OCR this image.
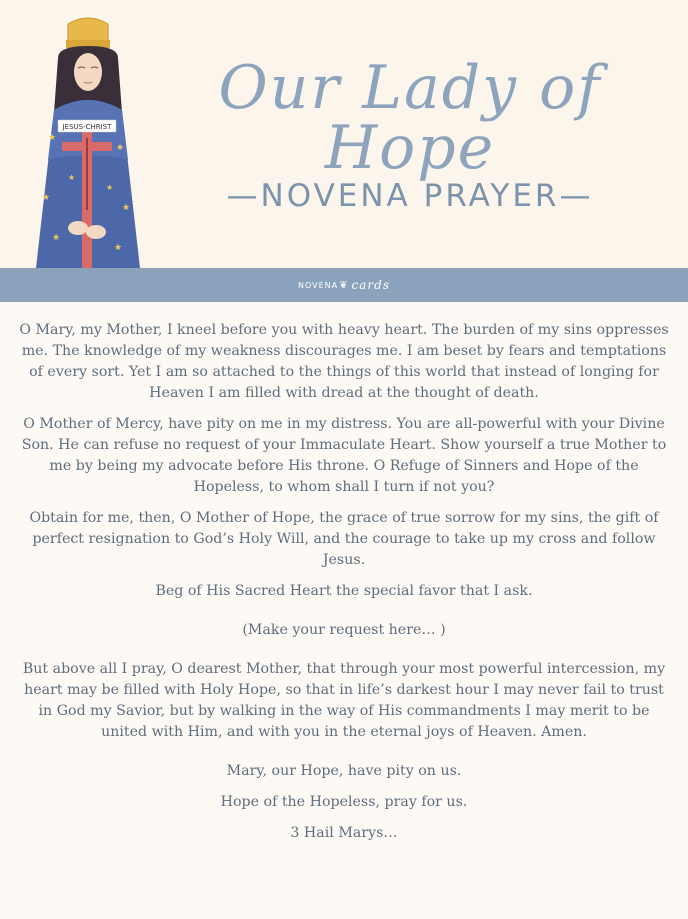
★
★
★
★
★
★
★
★
JESUS-CHRIST
Our Lady of Hope
—NOVENA PRAYER—
NOVENA ❦ cards

O Mary, my Mother, I kneel before you with heavy heart. The burden of my sins oppresses me. The knowledge of my weakness discourages me. I am beset by fears and temptations of every sort. Yet I am so attached to the things of this world that instead of longing for Heaven I am filled with dread at the thought of death.

O Mother of Mercy, have pity on me in my distress. You are all-powerful with your Divine Son. He can refuse no request of your Immaculate Heart. Show yourself a true Mother to me by being my advocate before His throne. O Refuge of Sinners and Hope of the Hopeless, to whom shall I turn if not you?

Obtain for me, then, O Mother of Hope, the grace of true sorrow for my sins, the gift of perfect resignation to God’s Holy Will, and the courage to take up my cross and follow Jesus.

Beg of His Sacred Heart the special favor that I ask.

(Make your request here… )

But above all I pray, O dearest Mother, that through your most powerful intercession, my heart may be filled with Holy Hope, so that in life’s darkest hour I may never fail to trust in God my Savior, but by walking in the way of His commandments I may merit to be united with Him, and with you in the eternal joys of Heaven. Amen.

Mary, our Hope, have pity on us.

Hope of the Hopeless, pray for us.

3 Hail Marys…
